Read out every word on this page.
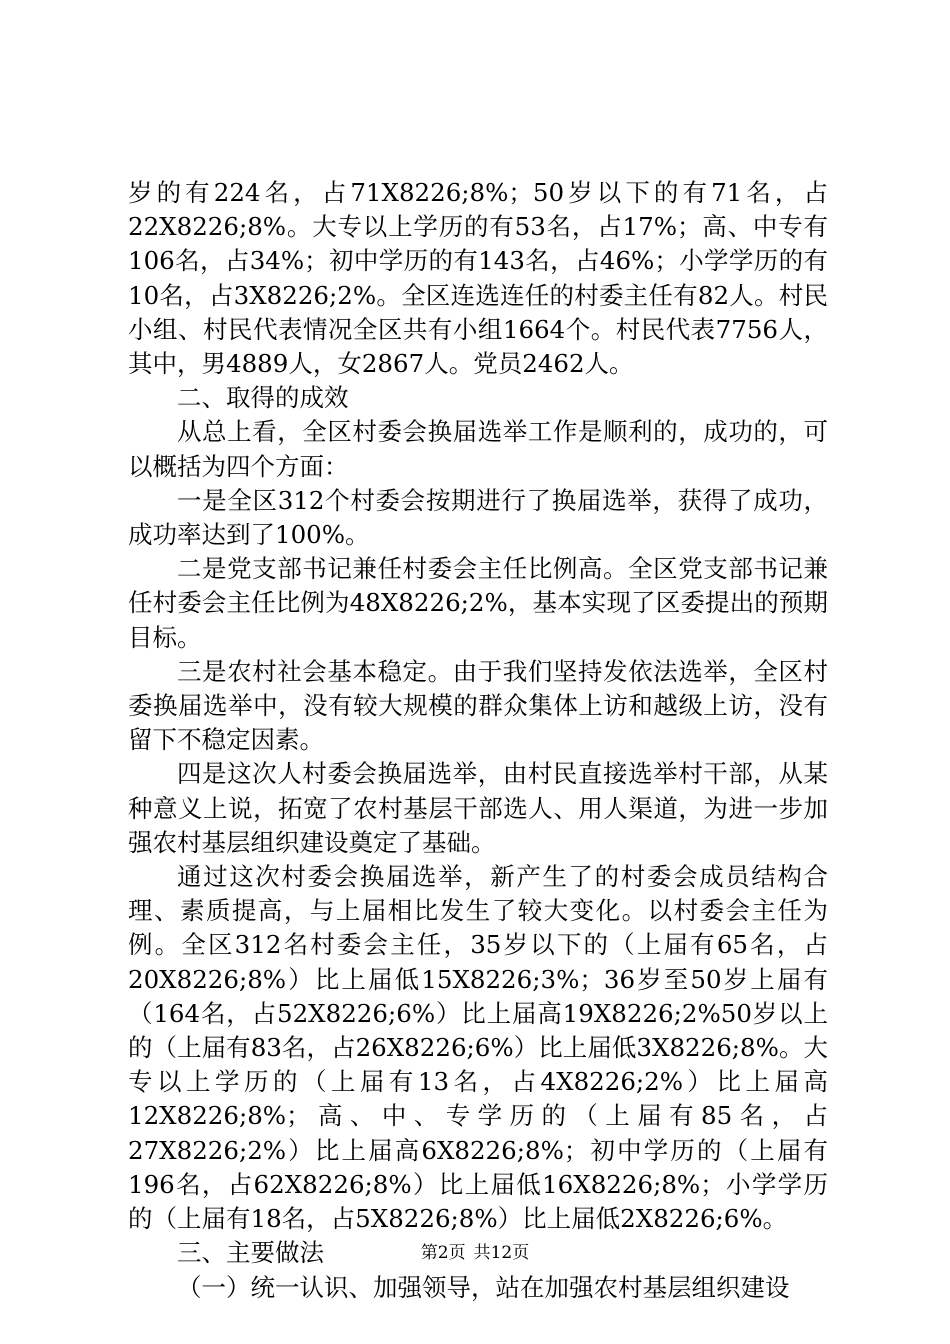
岁的有224名，占71X8226;8%；50岁以下的有71名，占22X8226;8%。大专以上学历的有53名，占17%；高、中专有106名，占34%；初中学历的有143名，占46%；小学学历的有10名，占3X8226;2%。全区连选连任的村委主任有82人。村民小组、村民代表情况全区共有小组1664个。村民代表7756人，其中，男4889人，女2867人。党员2462人。

二、取得的成效

从总上看，全区村委会换届选举工作是顺利的，成功的，可以概括为四个方面：

一是全区312个村委会按期进行了换届选举，获得了成功，成功率达到了100%。

二是党支部书记兼任村委会主任比例高。全区党支部书记兼任村委会主任比例为48X8226;2%，基本实现了区委提出的预期目标。

三是农村社会基本稳定。由于我们坚持发依法选举，全区村委换届选举中，没有较大规模的群众集体上访和越级上访，没有留下不稳定因素。

四是这次人村委会换届选举，由村民直接选举村干部，从某种意义上说，拓宽了农村基层干部选人、用人渠道，为进一步加强农村基层组织建设奠定了基础。

通过这次村委会换届选举，新产生了的村委会成员结构合理、素质提高，与上届相比发生了较大变化。以村委会主任为例。全区312名村委会主任，35岁以下的（上届有65名，占20X8226;8%）比上届低15X8226;3%；36岁至50岁上届有（164名，占52X8226;6%）比上届高19X8226;2%50岁以上的（上届有83名，占26X8226;6%）比上届低3X8226;8%。大专以上学历的（上届有13名，占4X8226;2%）比上届高12X8226;8%；高、中、专学历的（上届有85名，占27X8226;2%）比上届高6X8226;8%；初中学历的（上届有196名，占62X8226;8%）比上届低16X8226;8%；小学学历的（上届有18名，占5X8226;8%）比上届低2X8226;6%。

三、主要做法

（一）统一认识、加强领导，站在加强农村基层组织建设

第2页 共12页
